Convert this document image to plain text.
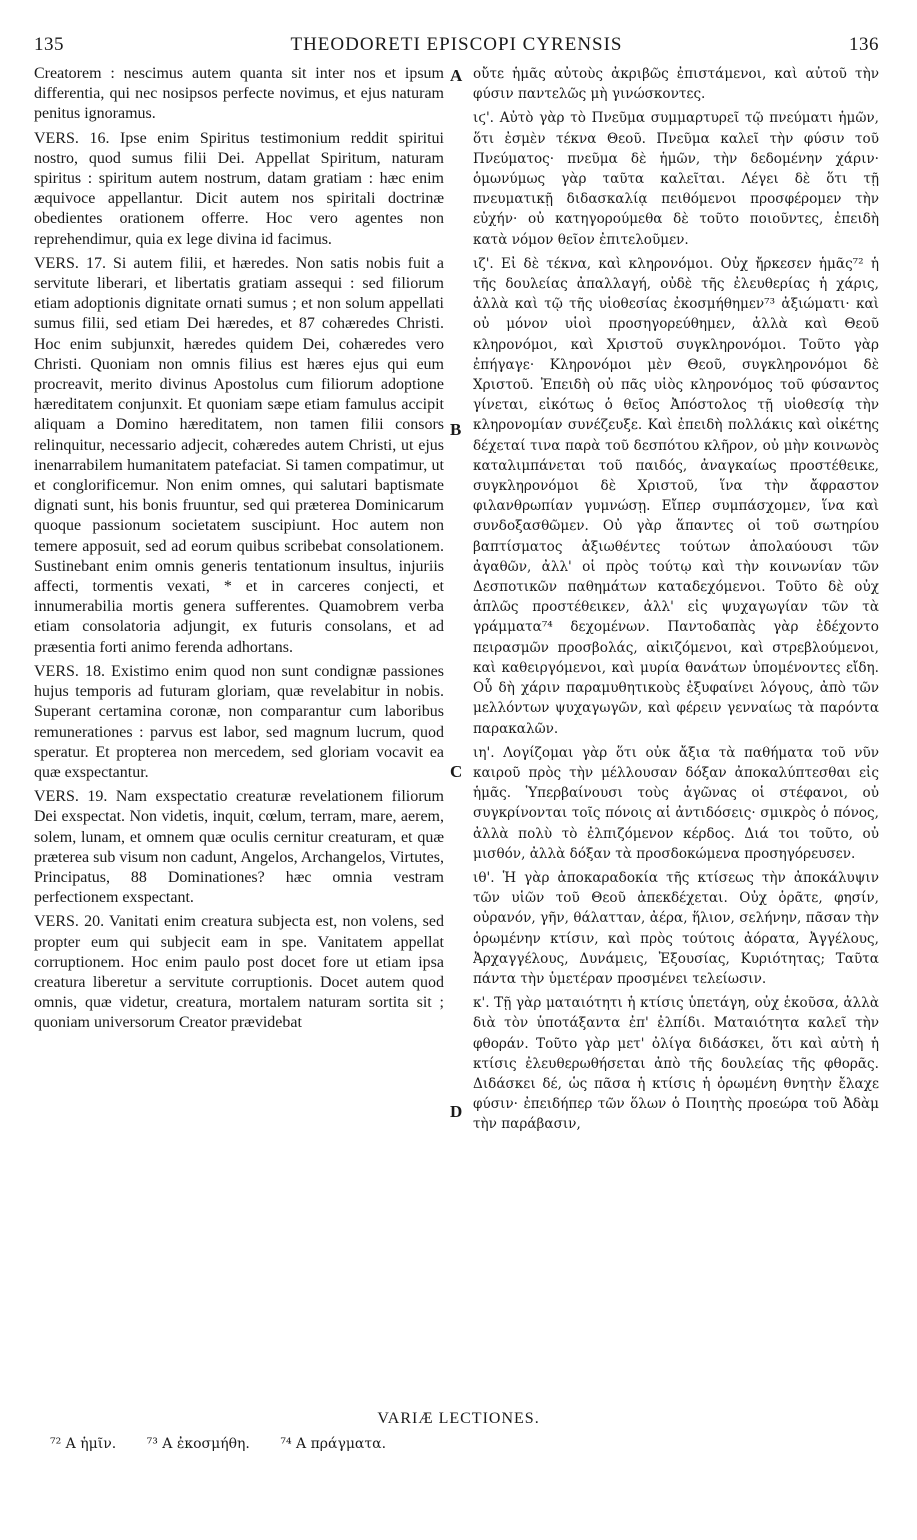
135	THEODORETI EPISCOPI CYRENSIS	136

Creatorem : nescimus autem quanta sit inter nos et ipsum differentia, qui nec nosipsos perfecte novimus, et ejus naturam penitus ignoramus.

VERS. 16. Ipse enim Spiritus testimonium reddit spiritui nostro, quod sumus filii Dei. Appellat Spiritum, naturam spiritus : spiritum autem nostrum, datam gratiam : hæc enim æquivoce appellantur. Dicit autem nos spiritali doctrinæ obedientes orationem offerre. Hoc vero agentes non reprehendimur, quia ex lege divina id facimus.

VERS. 17. Si autem filii, et hæredes. Non satis nobis fuit a servitute liberari, et libertatis gratiam assequi : sed filiorum etiam adoptionis dignitate ornati sumus ; et non solum appellati sumus filii, sed etiam Dei hæredes, et 87 cohæredes Christi. Hoc enim subjunxit, hæredes quidem Dei, cohæredes vero Christi. Quoniam non omnis filius est hæres ejus qui eum procreavit, merito divinus Apostolus cum filiorum adoptione hæreditatem conjunxit. Et quoniam sæpe etiam famulus accipit aliquam a Domino hæreditatem, non tamen filii consors relinquitur, necessario adjecit, cohæredes autem Christi, ut ejus inenarrabilem humanitatem patefaciat. Si tamen compatimur, ut et conglorificemur. Non enim omnes, qui salutari baptismate dignati sunt, his bonis fruuntur, sed qui præterea Dominicarum quoque passionum societatem suscipiunt. Hoc autem non temere apposuit, sed ad eorum quibus scribebat consolationem. Sustinebant enim omnis generis tentationum insultus, injuriis affecti, tormentis vexati, * et in carceres conjecti, et innumerabilia mortis genera sufferentes. Quamobrem verba etiam consolatoria adjungit, ex futuris consolans, et ad præsentia forti animo ferenda adhortans.

VERS. 18. Existimo enim quod non sunt condignæ passiones hujus temporis ad futuram gloriam, quæ revelabitur in nobis. Superant certamina coronæ, non comparantur cum laboribus remunerationes : parvus est labor, sed magnum lucrum, quod speratur. Et propterea non mercedem, sed gloriam vocavit ea quæ exspectantur.

VERS. 19. Nam exspectatio creaturæ revelationem filiorum Dei exspectat. Non videtis, inquit, cœlum, terram, mare, aerem, solem, lunam, et omnem quæ oculis cernitur creaturam, et quæ præterea sub visum non cadunt, Angelos, Archangelos, Virtutes, Principatus, 88 Dominationes? hæc omnia vestram perfectionem exspectant.

VERS. 20. Vanitati enim creatura subjecta est, non volens, sed propter eum qui subjecit eam in spe. Vanitatem appellat corruptionem. Hoc enim paulo post docet fore ut etiam ipsa creatura liberetur a servitute corruptionis. Docet autem quod omnis, quæ videtur, creatura, mortalem naturam sortita sit ; quoniam universorum Creator prævidebat

A
B
C
D

οὔτε ἡμᾶς αὐτοὺς ἀκριβῶς ἐπιστάμενοι, καὶ αὐτοῦ τὴν φύσιν παντελῶς μὴ γινώσκοντες.

ιϛ'. Αὐτὸ γὰρ τὸ Πνεῦμα συμμαρτυρεῖ τῷ πνεύματι ἡμῶν, ὅτι ἐσμὲν τέκνα Θεοῦ. Πνεῦμα καλεῖ τὴν φύσιν τοῦ Πνεύματος· πνεῦμα δὲ ἡμῶν, τὴν δεδομένην χάριν· ὁμωνύμως γὰρ ταῦτα καλεῖται. Λέγει δὲ ὅτι τῇ πνευματικῇ διδασκαλίᾳ πειθόμενοι προσφέρομεν τὴν εὐχήν· οὐ κατηγορούμεθα δὲ τοῦτο ποιοῦντες, ἐπειδὴ κατὰ νόμον θεῖον ἐπιτελοῦμεν.

ιζ'. Εἰ δὲ τέκνα, καὶ κληρονόμοι. Οὐχ ἤρκεσεν ἡμᾶς⁷² ἡ τῆς δουλείας ἀπαλλαγή, οὐδὲ τῆς ἐλευθερίας ἡ χάρις, ἀλλὰ καὶ τῷ τῆς υἱοθεσίας ἐκοσμήθημεν⁷³ ἀξιώματι· καὶ οὐ μόνον υἱοὶ προσηγορεύθημεν, ἀλλὰ καὶ Θεοῦ κληρονόμοι, καὶ Χριστοῦ συγκληρονόμοι. Τοῦτο γὰρ ἐπήγαγε· Κληρονόμοι μὲν Θεοῦ, συγκληρονόμοι δὲ Χριστοῦ. Ἐπειδὴ οὐ πᾶς υἱὸς κληρονόμος τοῦ φύσαντος γίνεται, εἰκότως ὁ θεῖος Ἀπόστολος τῇ υἱοθεσίᾳ τὴν κληρονομίαν συνέζευξε. Καὶ ἐπειδὴ πολλάκις καὶ οἰκέτης δέχεταί τινα παρὰ τοῦ δεσπότου κλῆρον, οὐ μὴν κοινωνὸς καταλιμπάνεται τοῦ παιδός, ἀναγκαίως προστέθεικε, συγκληρονόμοι δὲ Χριστοῦ, ἵνα τὴν ἄφραστον φιλανθρωπίαν γυμνώσῃ. Εἴπερ συμπάσχομεν, ἵνα καὶ συνδοξασθῶμεν. Οὐ γὰρ ἅπαντες οἱ τοῦ σωτηρίου βαπτίσματος ἀξιωθέντες τούτων ἀπολαύουσι τῶν ἀγαθῶν, ἀλλ' οἱ πρὸς τούτῳ καὶ τὴν κοινωνίαν τῶν Δεσποτικῶν παθημάτων καταδεχόμενοι. Τοῦτο δὲ οὐχ ἁπλῶς προστέθεικεν, ἀλλ' εἰς ψυχαγωγίαν τῶν τὰ γράμματα⁷⁴ δεχομένων. Παντοδαπὰς γὰρ ἐδέχοντο πειρασμῶν προσβολάς, αἰκιζόμενοι, καὶ στρεβλούμενοι, καὶ καθειργόμενοι, καὶ μυρία θανάτων ὑπομένοντες εἴδη. Οὗ δὴ χάριν παραμυθητικοὺς ἐξυφαίνει λόγους, ἀπὸ τῶν μελλόντων ψυχαγωγῶν, καὶ φέρειν γενναίως τὰ παρόντα παρακαλῶν.

ιη'. Λογίζομαι γὰρ ὅτι οὐκ ἄξια τὰ παθήματα τοῦ νῦν καιροῦ πρὸς τὴν μέλλουσαν δόξαν ἀποκαλύπτεσθαι εἰς ἡμᾶς. Ὑπερβαίνουσι τοὺς ἀγῶνας οἱ στέφανοι, οὐ συγκρίνονται τοῖς πόνοις αἱ ἀντιδόσεις· σμικρὸς ὁ πόνος, ἀλλὰ πολὺ τὸ ἐλπιζόμενον κέρδος. Διά τοι τοῦτο, οὐ μισθόν, ἀλλὰ δόξαν τὰ προσδοκώμενα προσηγόρευσεν.

ιθ'. Ἡ γὰρ ἀποκαραδοκία τῆς κτίσεως τὴν ἀποκάλυψιν τῶν υἱῶν τοῦ Θεοῦ ἀπεκδέχεται. Οὐχ ὁρᾶτε, φησίν, οὐρανόν, γῆν, θάλατταν, ἀέρα, ἥλιον, σελήνην, πᾶσαν τὴν ὁρωμένην κτίσιν, καὶ πρὸς τούτοις ἀόρατα, Ἀγγέλους, Ἀρχαγγέλους, Δυνάμεις, Ἐξουσίας, Κυριότητας; Ταῦτα πάντα τὴν ὑμετέραν προσμένει τελείωσιν.

κ'. Τῇ γὰρ ματαιότητι ἡ κτίσις ὑπετάγη, οὐχ ἑκοῦσα, ἀλλὰ διὰ τὸν ὑποτάξαντα ἐπ' ἐλπίδι. Ματαιότητα καλεῖ τὴν φθοράν. Τοῦτο γὰρ μετ' ὀλίγα διδάσκει, ὅτι καὶ αὐτὴ ἡ κτίσις ἐλευθερωθήσεται ἀπὸ τῆς δουλείας τῆς φθορᾶς. Διδάσκει δέ, ὡς πᾶσα ἡ κτίσις ἡ ὁρωμένη θνητὴν ἔλαχε φύσιν· ἐπειδήπερ τῶν ὅλων ὁ Ποιητὴς προεώρα τοῦ Ἀδὰμ τὴν παράβασιν,

VARIÆ LECTIONES.
⁷² Α ἡμῖν. ⁷³ Α ἐκοσμήθη. ⁷⁴ Α πράγματα.
